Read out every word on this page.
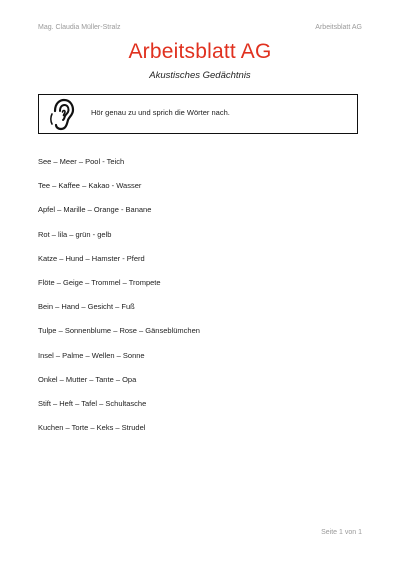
Mag. Claudia Müller-Stralz	Arbeitsblatt AG
Arbeitsblatt AG
Akustisches Gedächtnis
Hör genau zu und sprich die Wörter nach.
See – Meer – Pool - Teich
Tee – Kaffee – Kakao - Wasser
Apfel – Marille – Orange - Banane
Rot – lila – grün - gelb
Katze – Hund – Hamster - Pferd
Flöte – Geige – Trommel – Trompete
Bein – Hand – Gesicht – Fuß
Tulpe – Sonnenblume – Rose – Gänseblümchen
Insel – Palme – Wellen – Sonne
Onkel – Mutter – Tante – Opa
Stift – Heft – Tafel – Schultasche
Kuchen – Torte – Keks – Strudel
Seite 1 von 1
